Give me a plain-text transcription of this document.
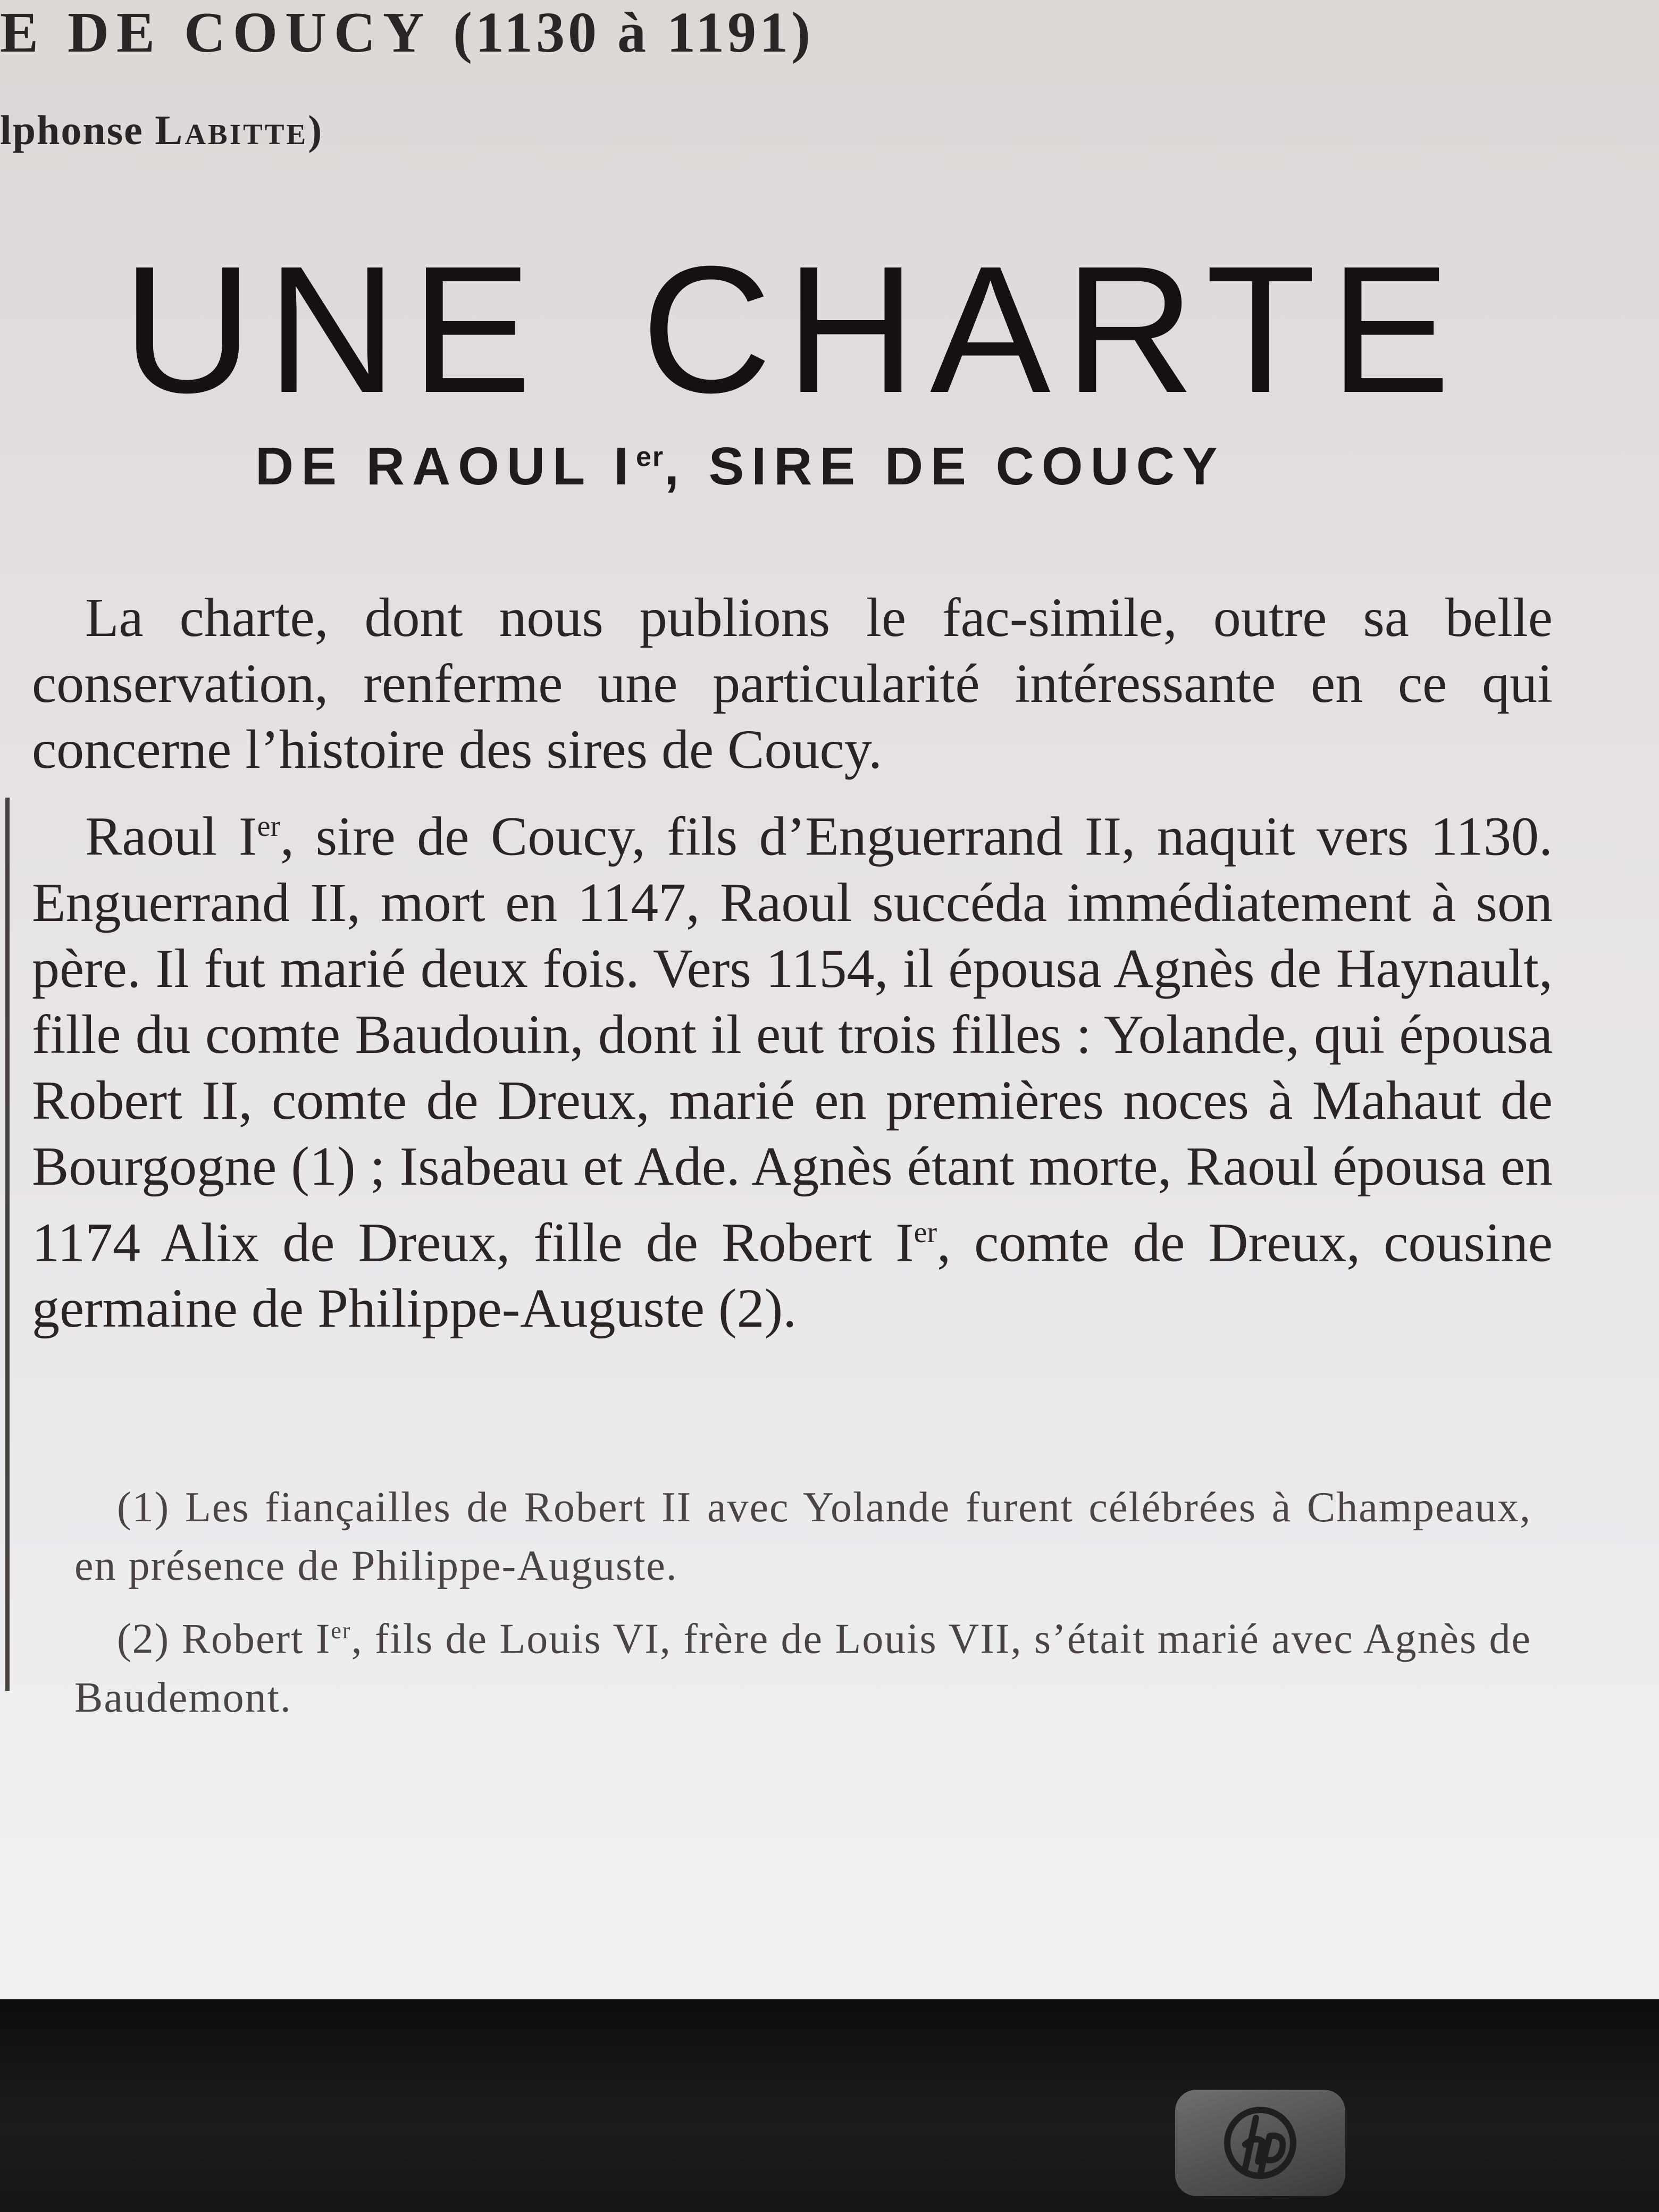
E DE COUCY (1130 à 1191)
lphonse Labitte)
UNE CHARTE
DE RAOUL Ier, SIRE DE COUCY

La charte, dont nous publions le fac-simile, outre sa belle conservation, renferme une particularité intéressante en ce qui concerne l’histoire des sires de Coucy.

Raoul Ier, sire de Coucy, fils d’Enguerrand II, naquit vers 1130. Enguerrand II, mort en 1147, Raoul succéda immédiatement à son père. Il fut marié deux fois. Vers 1154, il épousa Agnès de Haynault, fille du comte Baudouin, dont il eut trois filles : Yolande, qui épousa Robert II, comte de Dreux, marié en premières noces à Mahaut de Bourgogne (1) ; Isabeau et Ade. Agnès étant morte, Raoul épousa en 1174 Alix de Dreux, fille de Robert Ier, comte de Dreux, cousine germaine de Philippe-Auguste (2).

(1) Les fiançailles de Robert II avec Yolande furent célébrées à Champeaux, en présence de Philippe-Auguste.

(2) Robert Ier, fils de Louis VI, frère de Louis VII, s’était marié avec Agnès de Baudemont.
